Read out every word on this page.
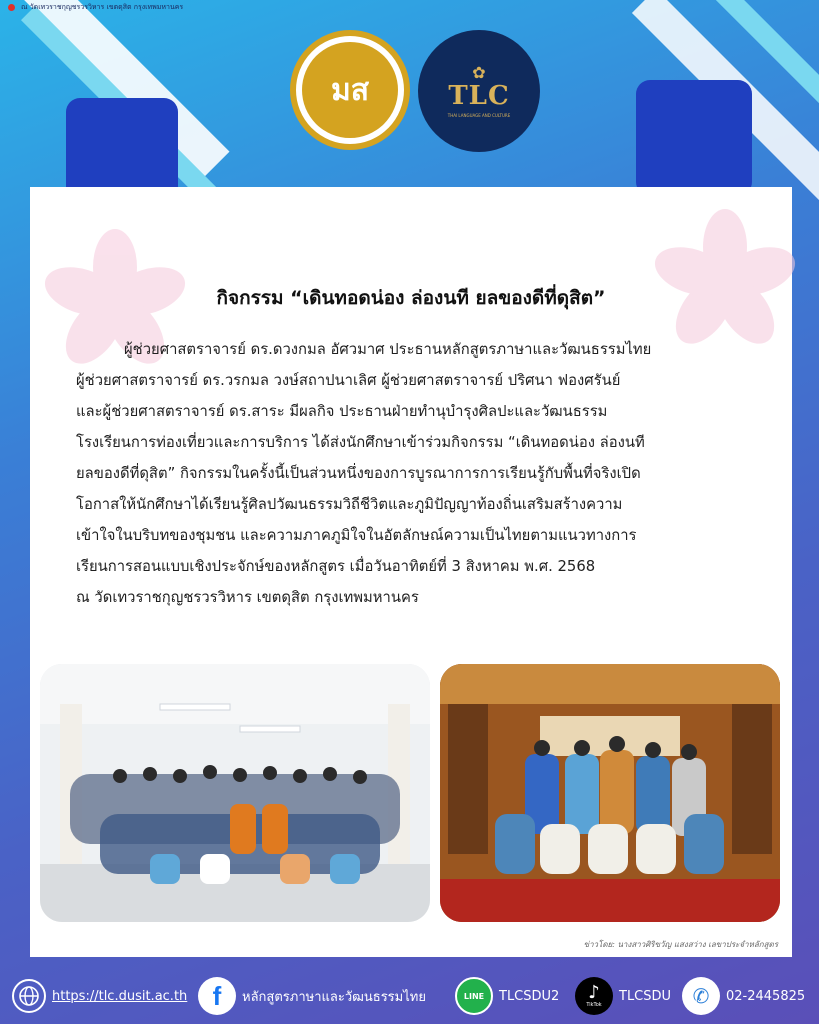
ณ วัดเทวราชกุญชรวรวิหาร เขตดุสิต กรุงเทพมหานคร
มส
✿
TLC
THAI LANGUAGE AND CULTURE
กิจกรรม “เดินทอดน่อง ล่องนที ยลของดีที่ดุสิต”
ผู้ช่วยศาสตราจารย์ ดร.ดวงกมล อัศวมาศ ประธานหลักสูตรภาษาและวัฒนธรรมไทย
ผู้ช่วยศาสตราจารย์ ดร.วรกมล วงษ์สถาปนาเลิศ ผู้ช่วยศาสตราจารย์ ปริศนา ฟองศรันย์
และผู้ช่วยศาสตราจารย์ ดร.สาระ มีผลกิจ ประธานฝ่ายทำนุบำรุงศิลปะและวัฒนธรรม
โรงเรียนการท่องเที่ยวและการบริการ ได้ส่งนักศึกษาเข้าร่วมกิจกรรม “เดินทอดน่อง ล่องนที
ยลของดีที่ดุสิต” กิจกรรมในครั้งนี้เป็นส่วนหนึ่งของการบูรณาการการเรียนรู้กับพื้นที่จริงเปิด
โอกาสให้นักศึกษาได้เรียนรู้ศิลปวัฒนธรรมวิถีชีวิตและภูมิปัญญาท้องถิ่นเสริมสร้างความ
เข้าใจในบริบทของชุมชน และความภาคภูมิใจในอัตลักษณ์ความเป็นไทยตามแนวทางการ
เรียนการสอนแบบเชิงประจักษ์ของหลักสูตร เมื่อวันอาทิตย์ที่ 3 สิงหาคม พ.ศ. 2568
ณ วัดเทวราชกุญชรวรวิหาร เขตดุสิต กรุงเทพมหานคร
ข่าวโดย: นางสาวศิริขวัญ แสงสว่าง เลขาประจำหลักสูตร
https://tlc.dusit.ac.th f หลักสูตรภาษาและวัฒนธรรมไทย	LINE TLCSDU2 ♪
TikTok
TLCSDU ✆ 02-2445825
